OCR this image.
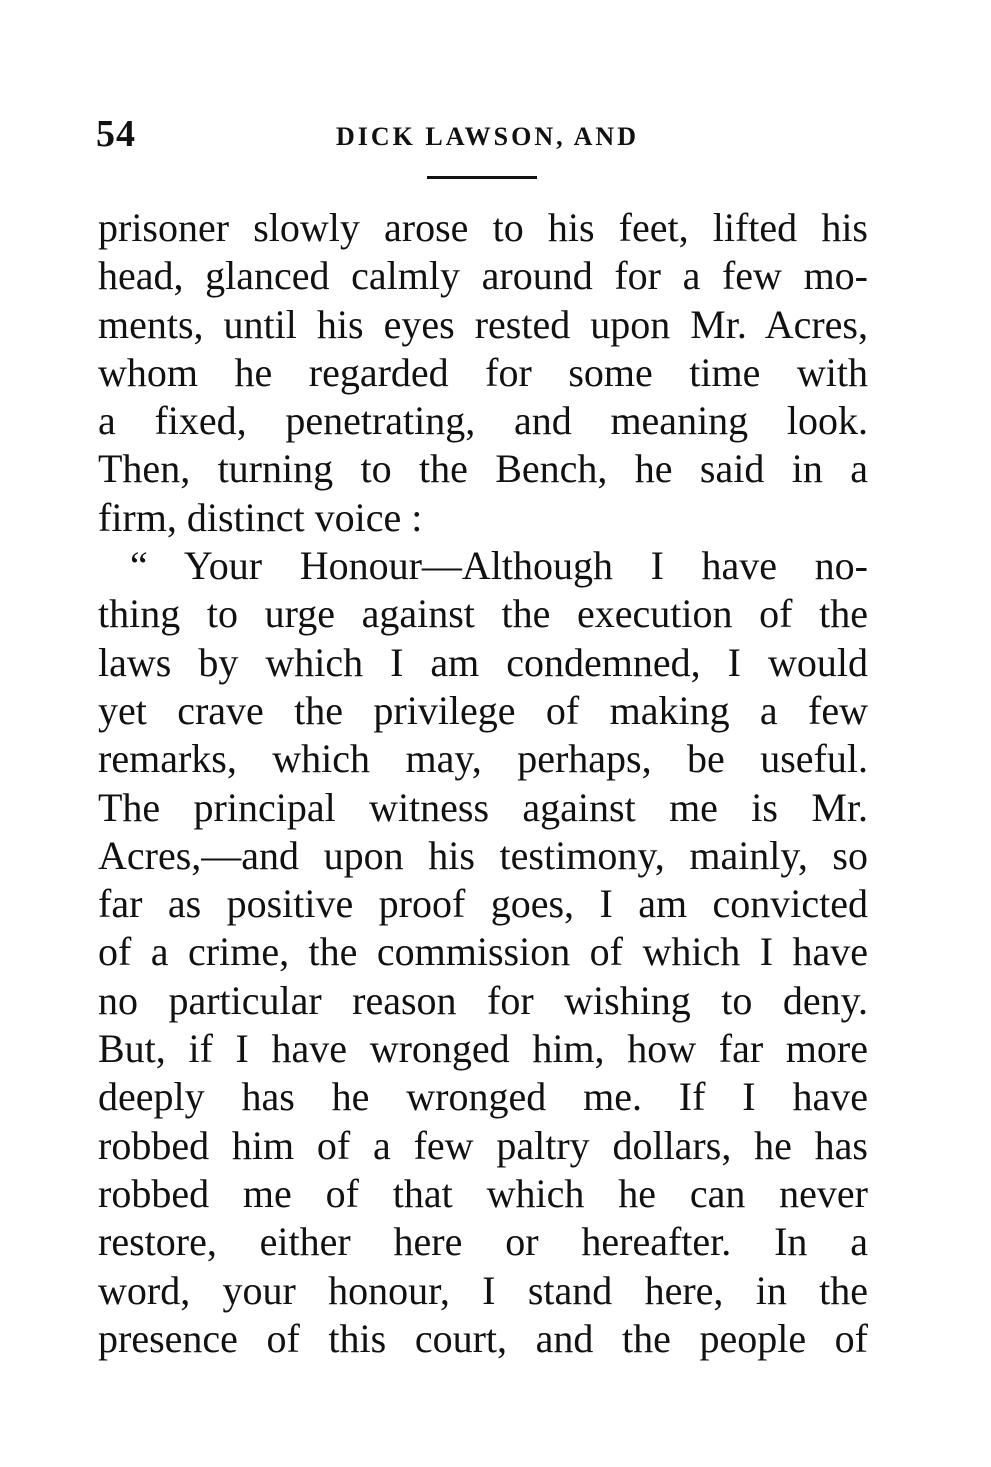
54	DICK LAWSON, AND
prisoner slowly arose to his feet, lifted his
head, glanced calmly around for a few mo-
ments, until his eyes rested upon Mr. Acres,
whom he regarded for some time with
a fixed, penetrating, and meaning look.
Then, turning to the Bench, he said in a
firm, distinct voice :
“ Your Honour—Although I have no-
thing to urge against the execution of the
laws by which I am condemned, I would
yet crave the privilege of making a few
remarks, which may, perhaps, be useful.
The principal witness against me is Mr.
Acres,—and upon his testimony, mainly, so
far as positive proof goes, I am convicted
of a crime, the commission of which I have
no particular reason for wishing to deny.
But, if I have wronged him, how far more
deeply has he wronged me. If I have
robbed him of a few paltry dollars, he has
robbed me of that which he can never
restore, either here or hereafter. In a
word, your honour, I stand here, in the
presence of this court, and the people of
